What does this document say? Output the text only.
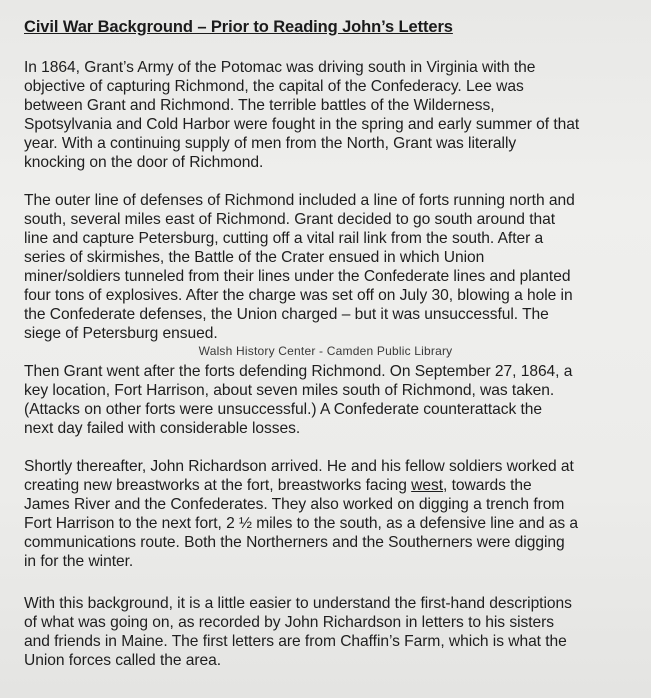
Civil War Background – Prior to Reading John’s Letters

In 1864, Grant’s Army of the Potomac was driving south in Virginia with the
objective of capturing Richmond, the capital of the Confederacy. Lee was
between Grant and Richmond. The terrible battles of the Wilderness,
Spotsylvania and Cold Harbor were fought in the spring and early summer of that
year. With a continuing supply of men from the North, Grant was literally
knocking on the door of Richmond.

The outer line of defenses of Richmond included a line of forts running north and
south, several miles east of Richmond. Grant decided to go south around that
line and capture Petersburg, cutting off a vital rail link from the south. After a
series of skirmishes, the Battle of the Crater ensued in which Union
miner/soldiers tunneled from their lines under the Confederate lines and planted
four tons of explosives. After the charge was set off on July 30, blowing a hole in
the Confederate defenses, the Union charged – but it was unsuccessful. The
siege of Petersburg ensued.

Walsh History Center - Camden Public Library

Then Grant went after the forts defending Richmond. On September 27, 1864, a
key location, Fort Harrison, about seven miles south of Richmond, was taken.
(Attacks on other forts were unsuccessful.) A Confederate counterattack the
next day failed with considerable losses.

Shortly thereafter, John Richardson arrived. He and his fellow soldiers worked at
creating new breastworks at the fort, breastworks facing west, towards the
James River and the Confederates. They also worked on digging a trench from
Fort Harrison to the next fort, 2 ½ miles to the south, as a defensive line and as a
communications route. Both the Northerners and the Southerners were digging
in for the winter.

With this background, it is a little easier to understand the first-hand descriptions
of what was going on, as recorded by John Richardson in letters to his sisters
and friends in Maine. The first letters are from Chaffin’s Farm, which is what the
Union forces called the area.
